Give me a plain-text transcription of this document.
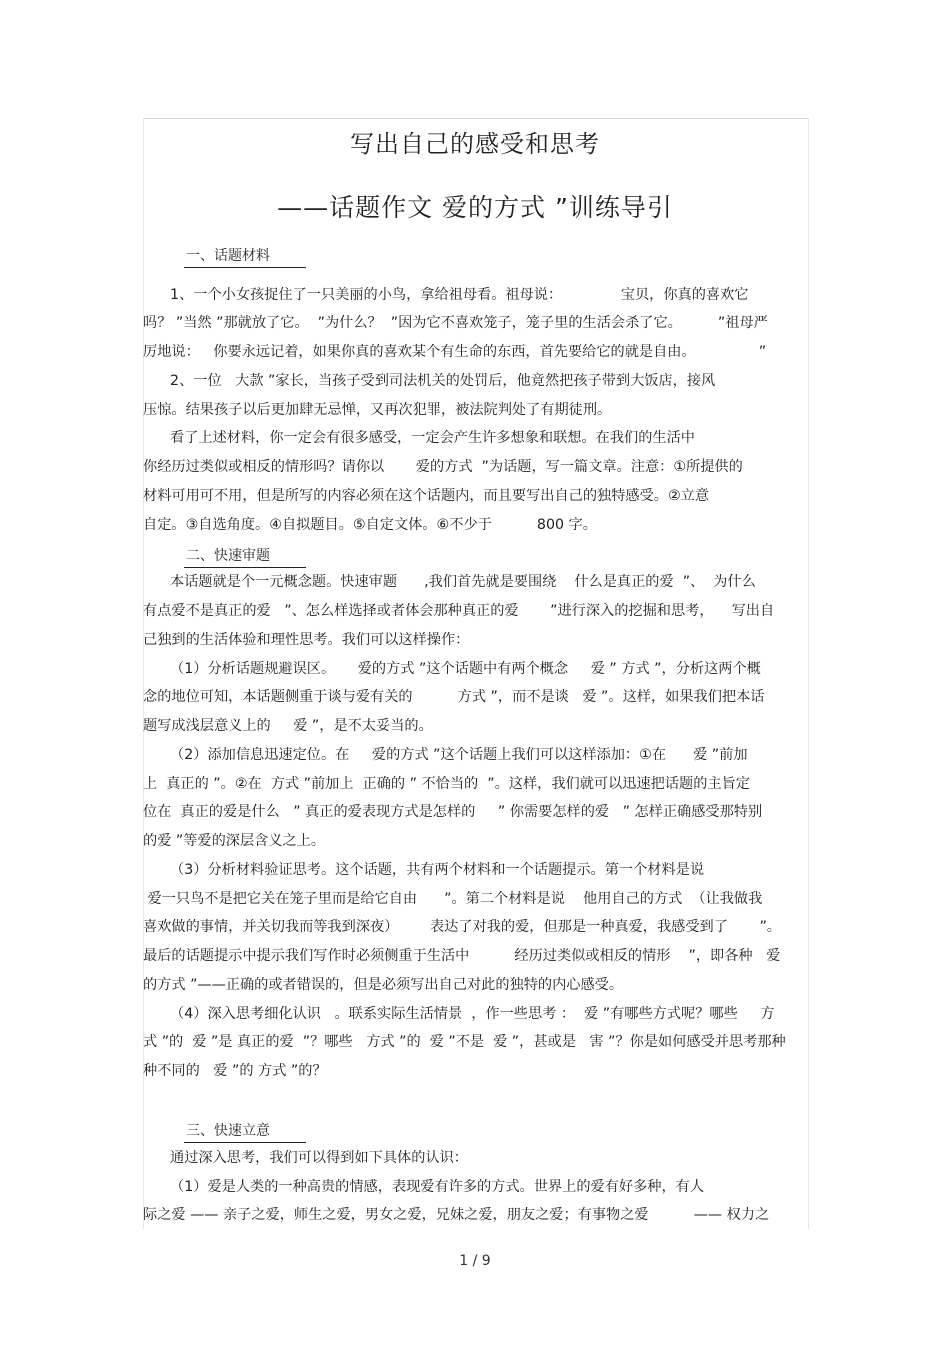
写出自己的感受和思考
——话题作文 爱的方式 ”训练导引
一、话题材料
1、一个小女孩捉住了一只美丽的小鸟，拿给祖母看。祖母说：             宝贝，你真的喜欢它
吗？ ”当然 ”那就放了它。  ”为什么？  ”因为它不喜欢笼子，笼子里的生活会杀了它。        ”祖母严
厉地说：   你要永远记着，如果你真的喜欢某个有生命的东西，首先要给它的就是自由。              ”
2、一位   大款 ”家长，当孩子受到司法机关的处罚后，他竟然把孩子带到大饭店，接风
压惊。结果孩子以后更加肆无忌惮，又再次犯罪，被法院判处了有期徒刑。
看了上述材料，你一定会有很多感受，一定会产生许多想象和联想。在我们的生活中
你经历过类似或相反的情形吗？请你以       爱的方式  ”为话题，写一篇文章。注意：①所提供的
材料可用可不用，但是所写的内容必须在这个话题内，而且要写出自己的独特感受。②立意
自定。③自选角度。④自拟题目。⑤自定文体。⑥不少于          800 字。
二、快速审题
本话题就是个一元概念题。快速审题      ,我们首先就是要围绕    什么是真正的爱  ”、  为什么
有点爱不是真正的爱   ”、怎么样选择或者体会那种真正的爱       ”进行深入的挖掘和思考，    写出自
己独到的生活体验和理性思考。我们可以这样操作：
（1）分析话题规避误区。     爱的方式 ”这个话题中有两个概念     爱 ” 方式 ”，分析这两个概
念的地位可知，本话题侧重于谈与爱有关的          方式 ”，而不是谈   爱 ”。这样，如果我们把本话
题写成浅层意义上的     爱 ”，是不太妥当的。
（2）添加信息迅速定位。在     爱的方式 ”这个话题上我们可以这样添加：①在      爱 ”前加
上  真正的 ”。②在  方式 ”前加上  正确的 ” 不恰当的  ”。这样，我们就可以迅速把话题的主旨定
位在  真正的爱是什么   ” 真正的爱表现方式是怎样的     ” 你需要怎样的爱   ” 怎样正确感受那特别
的爱 ”等爱的深层含义之上。
（3）分析材料验证思考。这个话题，共有两个材料和一个话题提示。第一个材料是说
爱一只鸟不是把它关在笼子里而是给它自由      ”。第二个材料是说    他用自己的方式  （让我做我
喜欢做的事情，并关切我而等我到深夜）       表达了对我的爱，但那是一种真爱，我感受到了       ”。
最后的话题提示中提示我们写作时必须侧重于生活中          经历过类似或相反的情形    ”，即各种   爱
的方式 ”——正确的或者错误的，但是必须写出自己对此的独特的内心感受。
（4）深入思考细化认识   。联系实际生活情景  ，作一些思考 ：  爱 ”有哪些方式呢？哪些     方
式 ”的  爱 ”是 真正的爱  ”？哪些   方式 ”的  爱 ”不是  爱 ”，甚或是   害 ”？你是如何感受并思考那种
种不同的   爱 ”的 方式 ”的？
三、快速立意
通过深入思考，我们可以得到如下具体的认识：
（1）爱是人类的一种高贵的情感，表现爱有许多的方式。世界上的爱有好多种，有人
际之爱 —— 亲子之爱，师生之爱，男女之爱，兄妹之爱，朋友之爱；有事物之爱          —— 权力之
1 / 9
